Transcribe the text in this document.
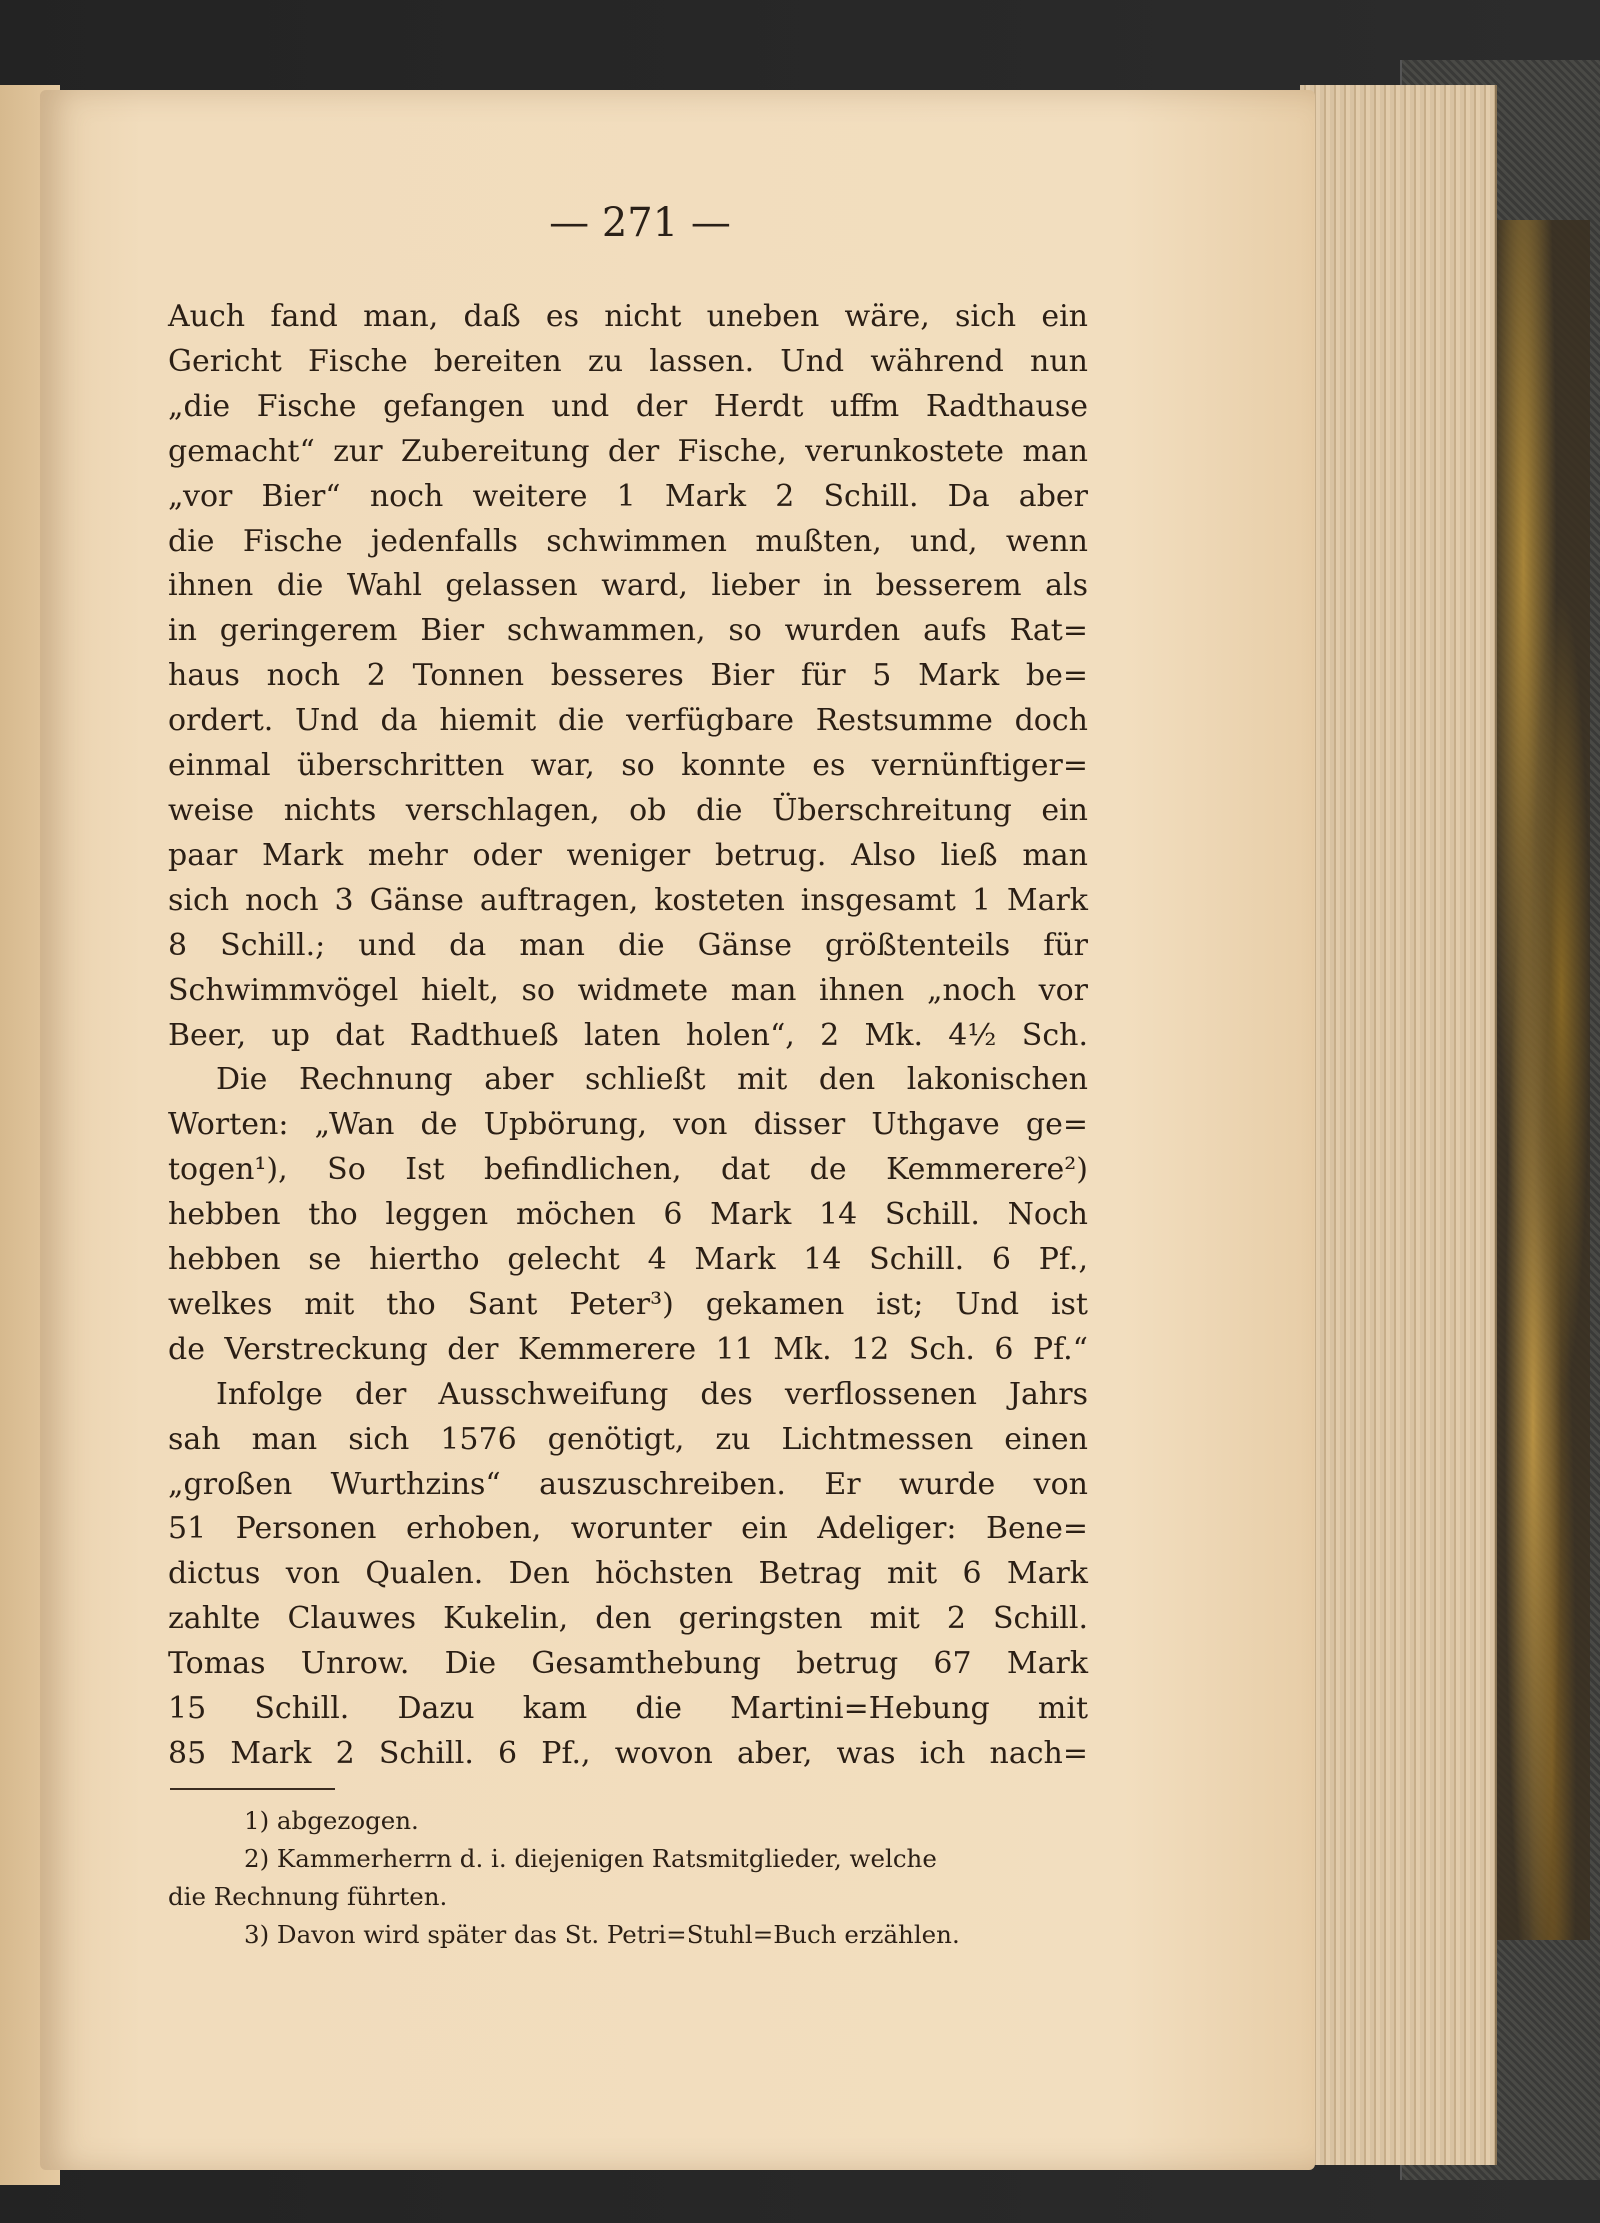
— 271 —
Auch fand man, daß es nicht uneben wäre, sich ein
Gericht Fische bereiten zu lassen. Und während nun
„die Fische gefangen und der Herdt uffm Radthause
gemacht“ zur Zubereitung der Fische, verunkostete man
„vor Bier“ noch weitere 1 Mark 2 Schill. Da aber
die Fische jedenfalls schwimmen mußten, und, wenn
ihnen die Wahl gelassen ward, lieber in besserem als
in geringerem Bier schwammen, so wurden aufs Rat=
haus noch 2 Tonnen besseres Bier für 5 Mark be=
ordert. Und da hiemit die verfügbare Restsumme doch
einmal überschritten war, so konnte es vernünftiger=
weise nichts verschlagen, ob die Überschreitung ein
paar Mark mehr oder weniger betrug. Also ließ man
sich noch 3 Gänse auftragen, kosteten insgesamt 1 Mark
8 Schill.; und da man die Gänse größtenteils für
Schwimmvögel hielt, so widmete man ihnen „noch vor
Beer, up dat Radthueß laten holen“, 2 Mk. 4½ Sch.
Die Rechnung aber schließt mit den lakonischen
Worten: „Wan de Upbörung, von disser Uthgave ge=
togen¹), So Ist befindlichen, dat de Kemmerere²)
hebben tho leggen möchen 6 Mark 14 Schill. Noch
hebben se hiertho gelecht 4 Mark 14 Schill. 6 Pf.,
welkes mit tho Sant Peter³) gekamen ist; Und ist
de Verstreckung der Kemmerere 11 Mk. 12 Sch. 6 Pf.“
Infolge der Ausschweifung des verflossenen Jahrs
sah man sich 1576 genötigt, zu Lichtmessen einen
„großen Wurthzins“ auszuschreiben. Er wurde von
51 Personen erhoben, worunter ein Adeliger: Bene=
dictus von Qualen. Den höchsten Betrag mit 6 Mark
zahlte Clauwes Kukelin, den geringsten mit 2 Schill.
Tomas Unrow. Die Gesamthebung betrug 67 Mark
15 Schill. Dazu kam die Martini=Hebung mit
85 Mark 2 Schill. 6 Pf., wovon aber, was ich nach=
1) abgezogen.
2) Kammerherrn d. i. diejenigen Ratsmitglieder, welche
die Rechnung führten.
3) Davon wird später das St. Petri=Stuhl=Buch erzählen.
